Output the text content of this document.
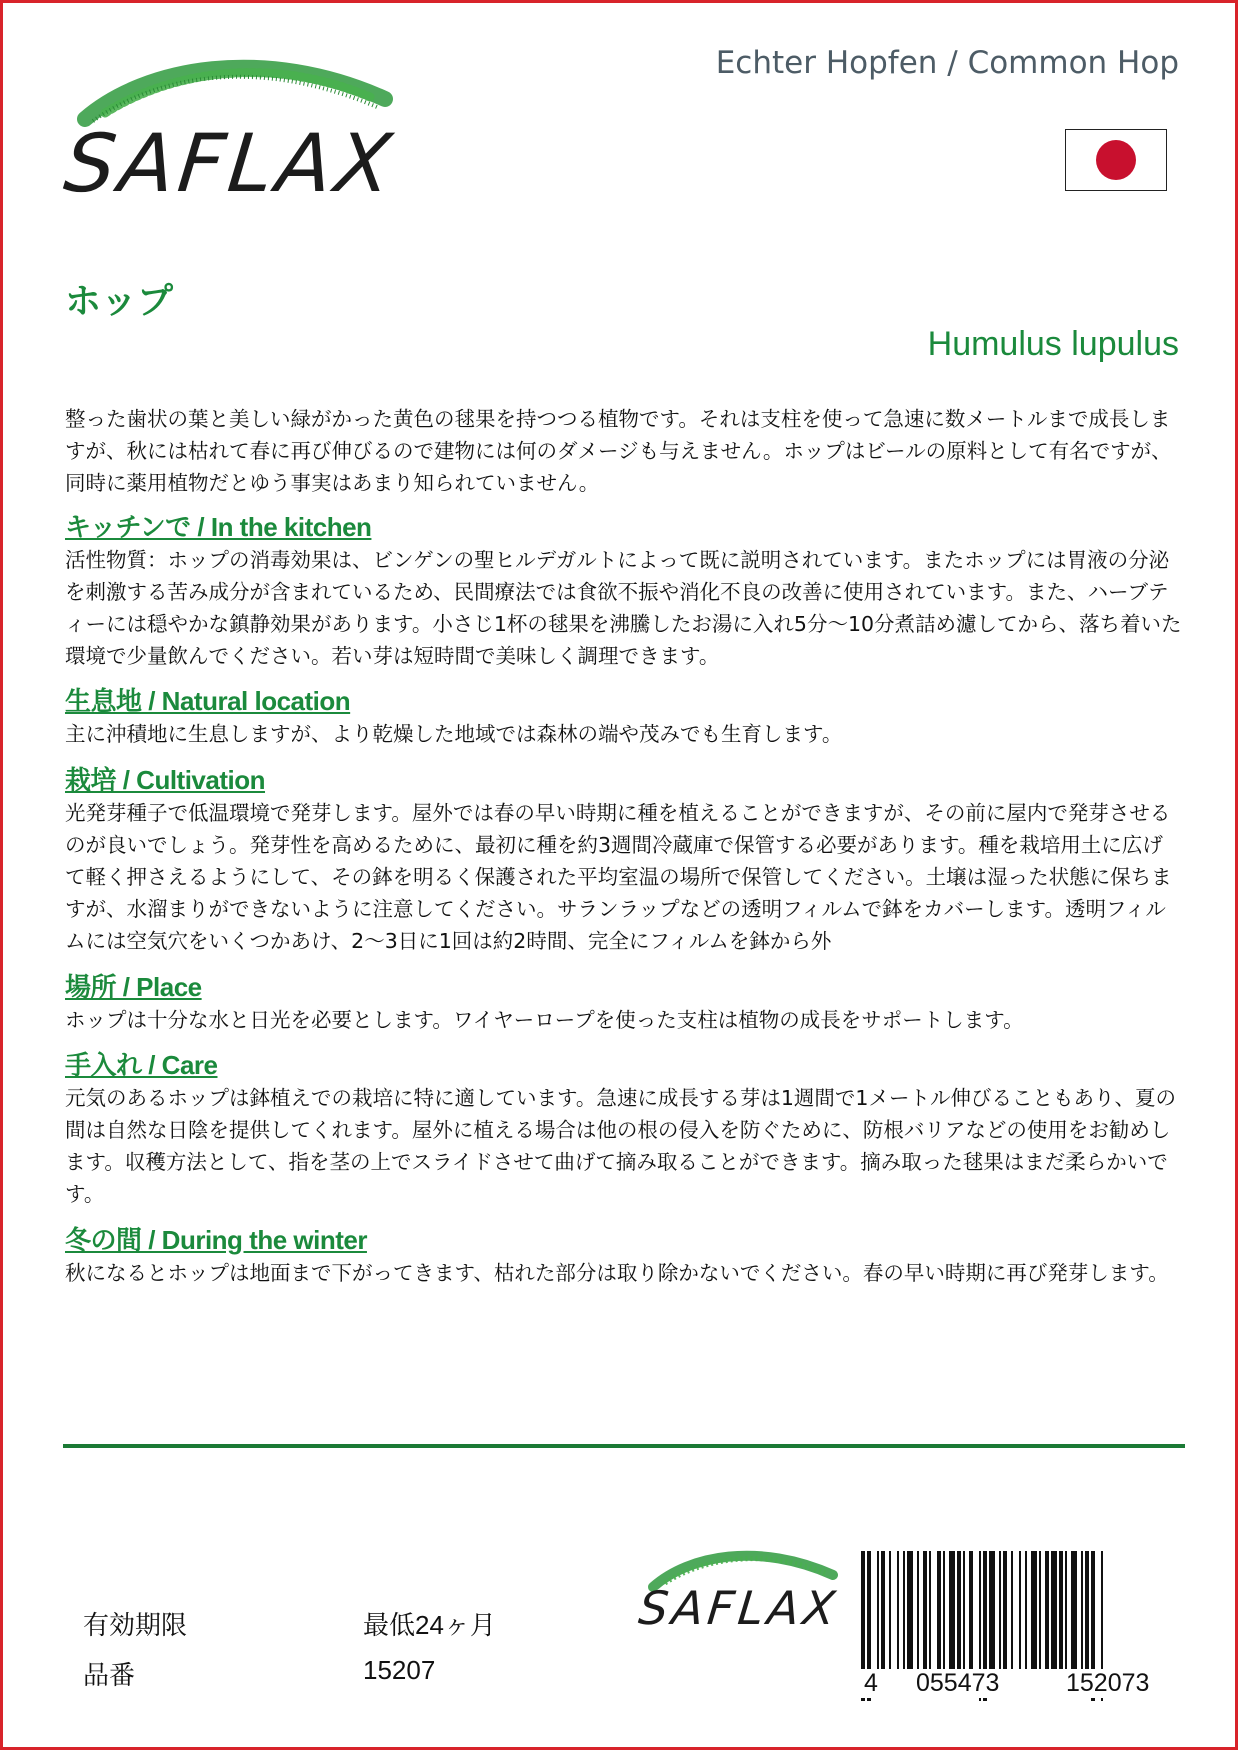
SAFLAX
Echter Hopfen / Common Hop
ホップ
Humulus lupulus

整った歯状の葉と美しい緑がかった黄色の毬果を持つつる植物です。それは支柱を使って急速に数メートルまで成長しますが、秋には枯れて春に再び伸びるので建物には何のダメージも与えません。ホップはビールの原料として有名ですが、同時に薬用植物だとゆう事実はあまり知られていません。

キッチンで / In the kitchen

活性物質：ホップの消毒効果は、ビンゲンの聖ヒルデガルトによって既に説明されています。またホップには胃液の分泌を刺激する苦み成分が含まれているため、民間療法では食欲不振や消化不良の改善に使用されています。また、ハーブティーには穏やかな鎮静効果があります。小さじ1杯の毬果を沸騰したお湯に入れ5分～10分煮詰め濾してから、落ち着いた環境で少量飲んでください。若い芽は短時間で美味しく調理できます。

生息地 / Natural location

主に沖積地に生息しますが、より乾燥した地域では森林の端や茂みでも生育します。

栽培 / Cultivation

光発芽種子で低温環境で発芽します。屋外では春の早い時期に種を植えることができますが、その前に屋内で発芽させるのが良いでしょう。発芽性を高めるために、最初に種を約3週間冷蔵庫で保管する必要があります。種を栽培用土に広げて軽く押さえるようにして、その鉢を明るく保護された平均室温の場所で保管してください。土壌は湿った状態に保ちますが、水溜まりができないように注意してください。サランラップなどの透明フィルムで鉢をカバーします。透明フィルムには空気穴をいくつかあけ、2～3日に1回は約2時間、完全にフィルムを鉢から外

場所 / Place

ホップは十分な水と日光を必要とします。ワイヤーロープを使った支柱は植物の成長をサポートします。

手入れ / Care

元気のあるホップは鉢植えでの栽培に特に適しています。急速に成長する芽は1週間で1メートル伸びることもあり、夏の間は自然な日陰を提供してくれます。屋外に植える場合は他の根の侵入を防ぐために、防根バリアなどの使用をお勧めします。収穫方法として、指を茎の上でスライドさせて曲げて摘み取ることができます。摘み取った毬果はまだ柔らかいです。

冬の間 / During the winter

秋になるとホップは地面まで下がってきます、枯れた部分は取り除かないでください。春の早い時期に再び発芽します。

有効期限	最低24ヶ月
品番	15207
SAFLAX
4 055473	152073
